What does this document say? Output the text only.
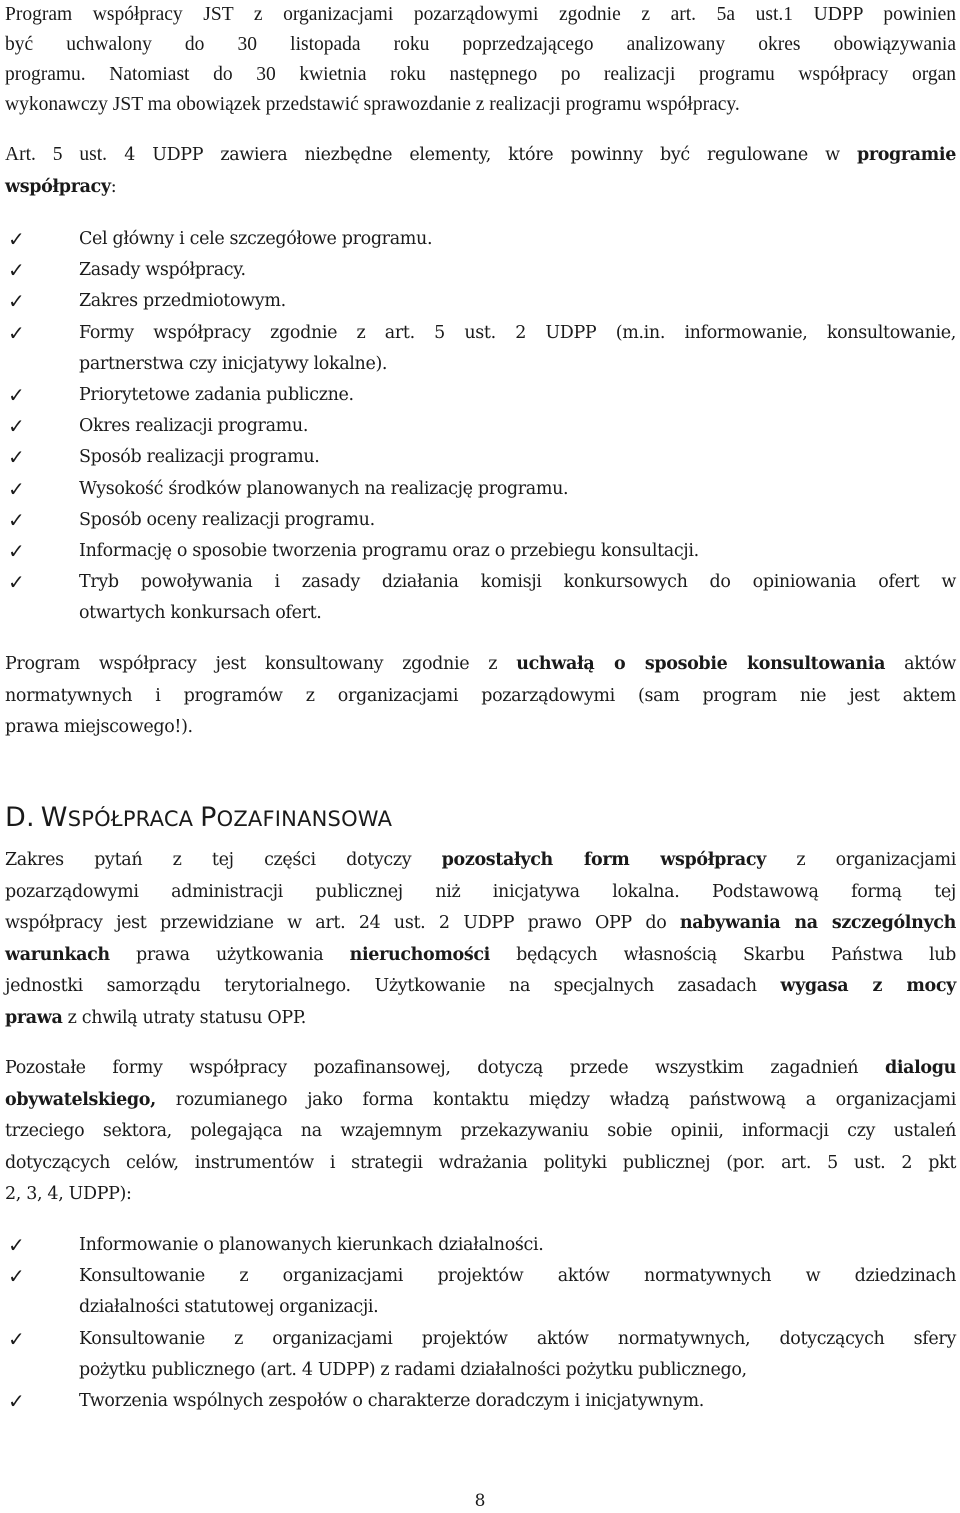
Program współpracy JST z organizacjami pozarządowymi zgodnie z art. 5a ust.1 UDPP powinien

być uchwalony do 30 listopada roku poprzedzającego analizowany okres obowiązywania

programu. Natomiast do 30 kwietnia roku następnego po realizacji programu współpracy organ

wykonawczy JST ma obowiązek przedstawić sprawozdanie z realizacji programu współpracy.

Art. 5 ust. 4 UDPP zawiera niezbędne elementy, które powinny być regulowane w programie

współpracy:

✓	Cel główny i cele szczegółowe programu.
✓	Zasady współpracy.
✓	Zakres przedmiotowym.
✓	Formy współpracy zgodnie z art. 5 ust. 2 UDPP (m.in. informowanie, konsultowanie,
partnerstwa czy inicjatywy lokalne).
✓	Priorytetowe zadania publiczne.
✓	Okres realizacji programu.
✓	Sposób realizacji programu.
✓	Wysokość środków planowanych na realizację programu.
✓	Sposób oceny realizacji programu.
✓	Informację o sposobie tworzenia programu oraz o przebiegu konsultacji.
✓	Tryb powoływania i zasady działania komisji konkursowych do opiniowania ofert w
otwartych konkursach ofert.

Program współpracy jest konsultowany zgodnie z uchwałą o sposobie konsultowania aktów

normatywnych i programów z organizacjami pozarządowymi (sam program nie jest aktem

prawa miejscowego!).

D. WSPÓŁPRACA POZAFINANSOWA

Zakres pytań z tej części dotyczy pozostałych form współpracy z organizacjami

pozarządowymi administracji publicznej niż inicjatywa lokalna. Podstawową formą tej

współpracy jest przewidziane w art. 24 ust. 2 UDPP prawo OPP do nabywania na szczególnych

warunkach prawa użytkowania nieruchomości będących własnością Skarbu Państwa lub

jednostki samorządu terytorialnego. Użytkowanie na specjalnych zasadach wygasa z mocy

prawa z chwilą utraty statusu OPP.

Pozostałe formy współpracy pozafinansowej, dotyczą przede wszystkim zagadnień dialogu

obywatelskiego, rozumianego jako forma kontaktu między władzą państwową a organizacjami

trzeciego sektora, polegająca na wzajemnym przekazywaniu sobie opinii, informacji czy ustaleń

dotyczących celów, instrumentów i strategii wdrażania polityki publicznej (por. art. 5 ust. 2 pkt

2, 3, 4, UDPP):

✓	Informowanie o planowanych kierunkach działalności.
✓	Konsultowanie z organizacjami projektów aktów normatywnych w dziedzinach
działalności statutowej organizacji.
✓	Konsultowanie z organizacjami projektów aktów normatywnych, dotyczących sfery
pożytku publicznego (art. 4 UDPP) z radami działalności pożytku publicznego,
✓	Tworzenia wspólnych zespołów o charakterze doradczym i inicjatywnym.
8
